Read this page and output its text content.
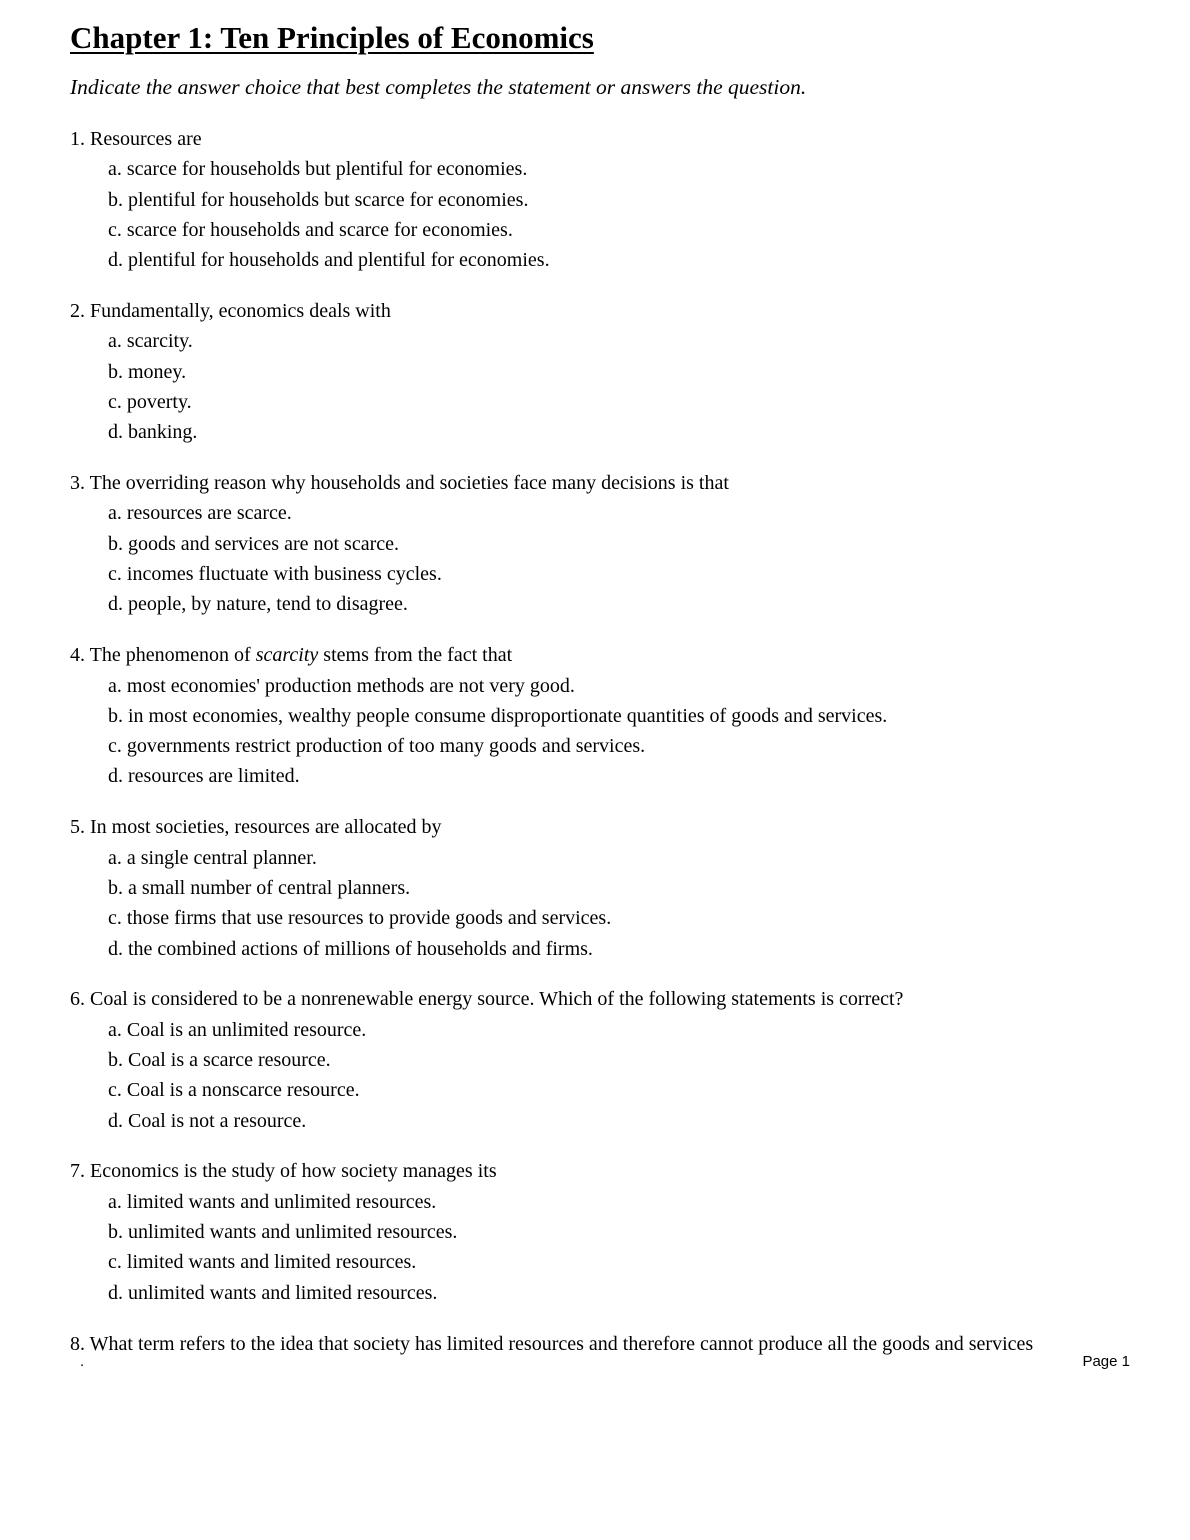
Chapter 1: Ten Principles of Economics

Indicate the answer choice that best completes the statement or answers the question.

1. Resources are
a. scarce for households but plentiful for economies.
b. plentiful for households but scarce for economies.
c. scarce for households and scarce for economies.
d. plentiful for households and plentiful for economies.
2. Fundamentally, economics deals with
a. scarcity.
b. money.
c. poverty.
d. banking.
3. The overriding reason why households and societies face many decisions is that
a. resources are scarce.
b. goods and services are not scarce.
c. incomes fluctuate with business cycles.
d. people, by nature, tend to disagree.
4. The phenomenon of scarcity stems from the fact that
a. most economies' production methods are not very good.
b. in most economies, wealthy people consume disproportionate quantities of goods and services.
c. governments restrict production of too many goods and services.
d. resources are limited.
5. In most societies, resources are allocated by
a. a single central planner.
b. a small number of central planners.
c. those firms that use resources to provide goods and services.
d. the combined actions of millions of households and firms.
6. Coal is considered to be a nonrenewable energy source. Which of the following statements is correct?
a. Coal is an unlimited resource.
b. Coal is a scarce resource.
c. Coal is a nonscarce resource.
d. Coal is not a resource.
7. Economics is the study of how society manages its
a. limited wants and unlimited resources.
b. unlimited wants and unlimited resources.
c. limited wants and limited resources.
d. unlimited wants and limited resources.
8. What term refers to the idea that society has limited resources and therefore cannot produce all the goods and services
.	Page 1
